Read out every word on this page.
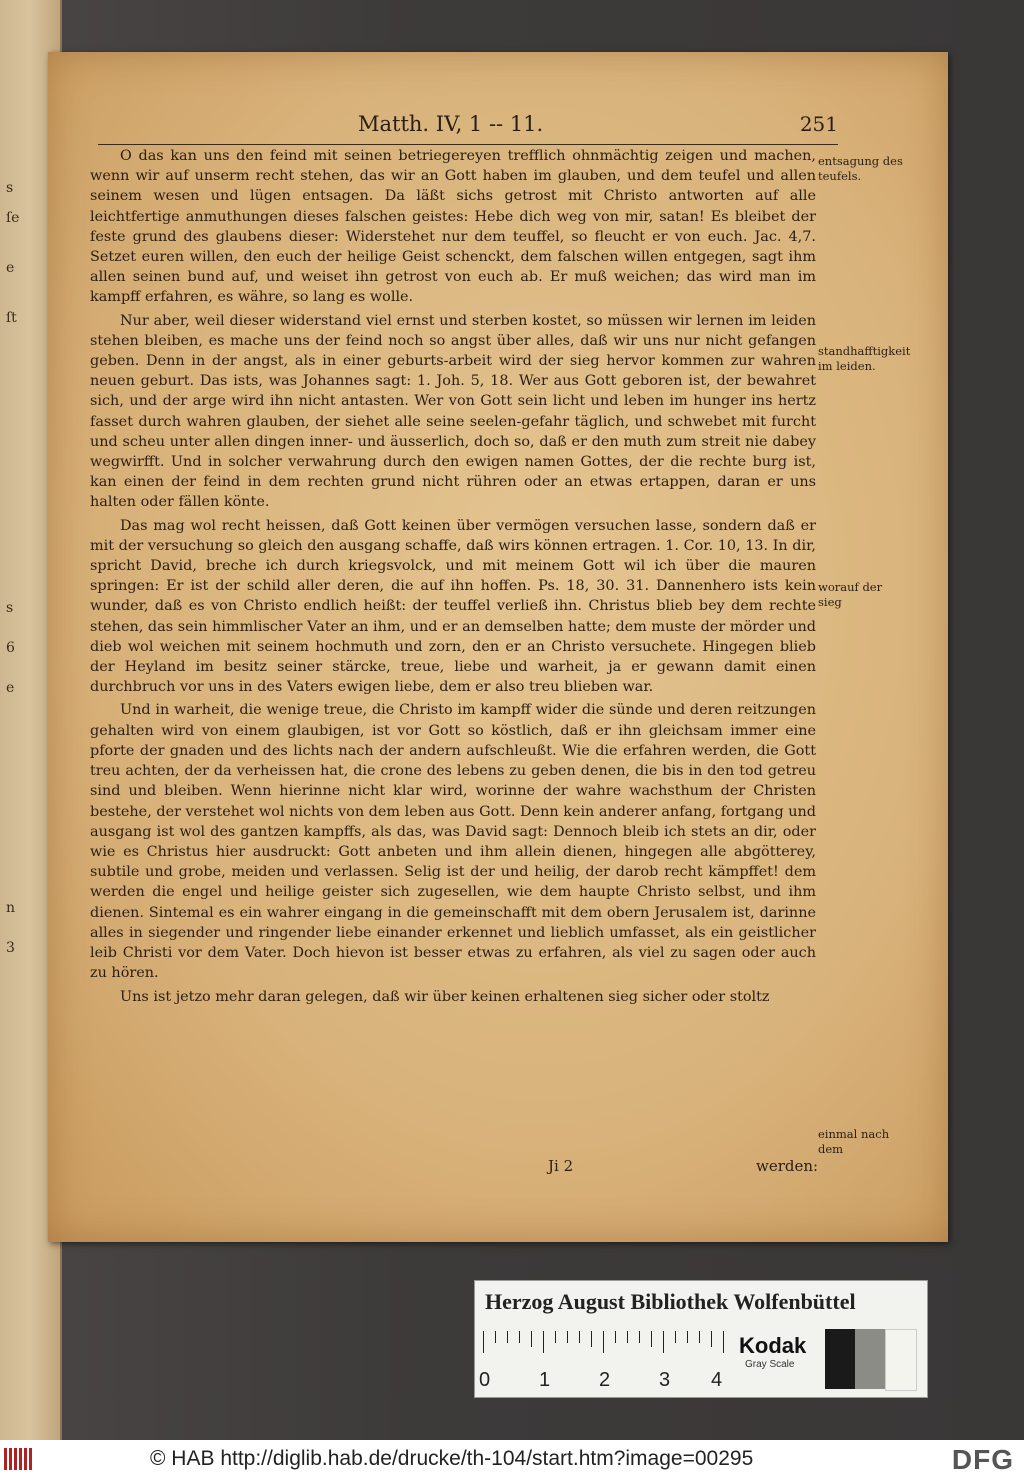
s
ſe
e
ſt
s
6
e
n
3
Matth. IV, 1 -- 11.	251

O das kan uns den feind mit seinen betriegereyen trefflich ohnmächtig zeigen und machen, wenn wir auf unserm recht stehen, das wir an Gott haben im glauben, und dem teufel und allen seinem wesen und lügen entsagen. Da läßt sichs getrost mit Christo antworten auf alle leichtfertige anmuthungen dieses falschen geistes: Hebe dich weg von mir, satan! Es bleibet der feste grund des glaubens dieser: Widerstehet nur dem teuffel, so fleucht er von euch. Jac. 4,7. Setzet euren willen, den euch der heilige Geist schenckt, dem falschen willen entgegen, sagt ihm allen seinen bund auf, und weiset ihn getrost von euch ab. Er muß weichen; das wird man im kampff erfahren, es währe, so lang es wolle.

Nur aber, weil dieser widerstand viel ernst und sterben kostet, so müssen wir lernen im leiden stehen bleiben, es mache uns der feind noch so angst über alles, daß wir uns nur nicht gefangen geben. Denn in der angst, als in einer geburts-arbeit wird der sieg hervor kommen zur wahren neuen geburt. Das ists, was Johannes sagt: 1. Joh. 5, 18. Wer aus Gott geboren ist, der bewahret sich, und der arge wird ihn nicht antasten. Wer von Gott sein licht und leben im hunger ins hertz fasset durch wahren glauben, der siehet alle seine seelen-gefahr täglich, und schwebet mit furcht und scheu unter allen dingen inner- und äusserlich, doch so, daß er den muth zum streit nie dabey wegwirfft. Und in solcher verwahrung durch den ewigen namen Gottes, der die rechte burg ist, kan einen der feind in dem rechten grund nicht rühren oder an etwas ertappen, daran er uns halten oder fällen könte.

Das mag wol recht heissen, daß Gott keinen über vermögen versuchen lasse, sondern daß er mit der versuchung so gleich den ausgang schaffe, daß wirs können ertragen. 1. Cor. 10, 13. In dir, spricht David, breche ich durch kriegsvolck, und mit meinem Gott wil ich über die mauren springen: Er ist der schild aller deren, die auf ihn hoffen. Ps. 18, 30. 31. Dannenhero ists kein wunder, daß es von Christo endlich heißt: der teuffel verließ ihn. Christus blieb bey dem rechte stehen, das sein himmlischer Vater an ihm, und er an demselben hatte; dem muste der mörder und dieb wol weichen mit seinem hochmuth und zorn, den er an Christo versuchete. Hingegen blieb der Heyland im besitz seiner stärcke, treue, liebe und warheit, ja er gewann damit einen durchbruch vor uns in des Vaters ewigen liebe, dem er also treu blieben war.

Und in warheit, die wenige treue, die Christo im kampff wider die sünde und deren reitzungen gehalten wird von einem glaubigen, ist vor Gott so köstlich, daß er ihn gleichsam immer eine pforte der gnaden und des lichts nach der andern aufschleußt. Wie die erfahren werden, die Gott treu achten, der da verheissen hat, die crone des lebens zu geben denen, die bis in den tod getreu sind und bleiben. Wenn hierinne nicht klar wird, worinne der wahre wachsthum der Christen bestehe, der verstehet wol nichts von dem leben aus Gott. Denn kein anderer anfang, fortgang und ausgang ist wol des gantzen kampffs, als das, was David sagt: Dennoch bleib ich stets an dir, oder wie es Christus hier ausdruckt: Gott anbeten und ihm allein dienen, hingegen alle abgötterey, subtile und grobe, meiden und verlassen. Selig ist der und heilig, der darob recht kämpffet! dem werden die engel und heilige geister sich zugesellen, wie dem haupte Christo selbst, und ihm dienen. Sintemal es ein wahrer eingang in die gemeinschafft mit dem obern Jerusalem ist, darinne alles in siegender und ringender liebe einander erkennet und lieblich umfasset, als ein geistlicher leib Christi vor dem Vater. Doch hievon ist besser etwas zu erfahren, als viel zu sagen oder auch zu hören.

Uns ist jetzo mehr daran gelegen, daß wir über keinen erhaltenen sieg sicher oder stoltz

entsagung des teufels.
standhafftigkeit im leiden.
worauf der sieg
einmal nach dem
Ji 2	werden:
Herzog August Bibliothek Wolfenbüttel
0 1 2 3 4
Kodak
Gray Scale
© HAB http://diglib.hab.de/drucke/th-104/start.htm?image=00295	DFG
